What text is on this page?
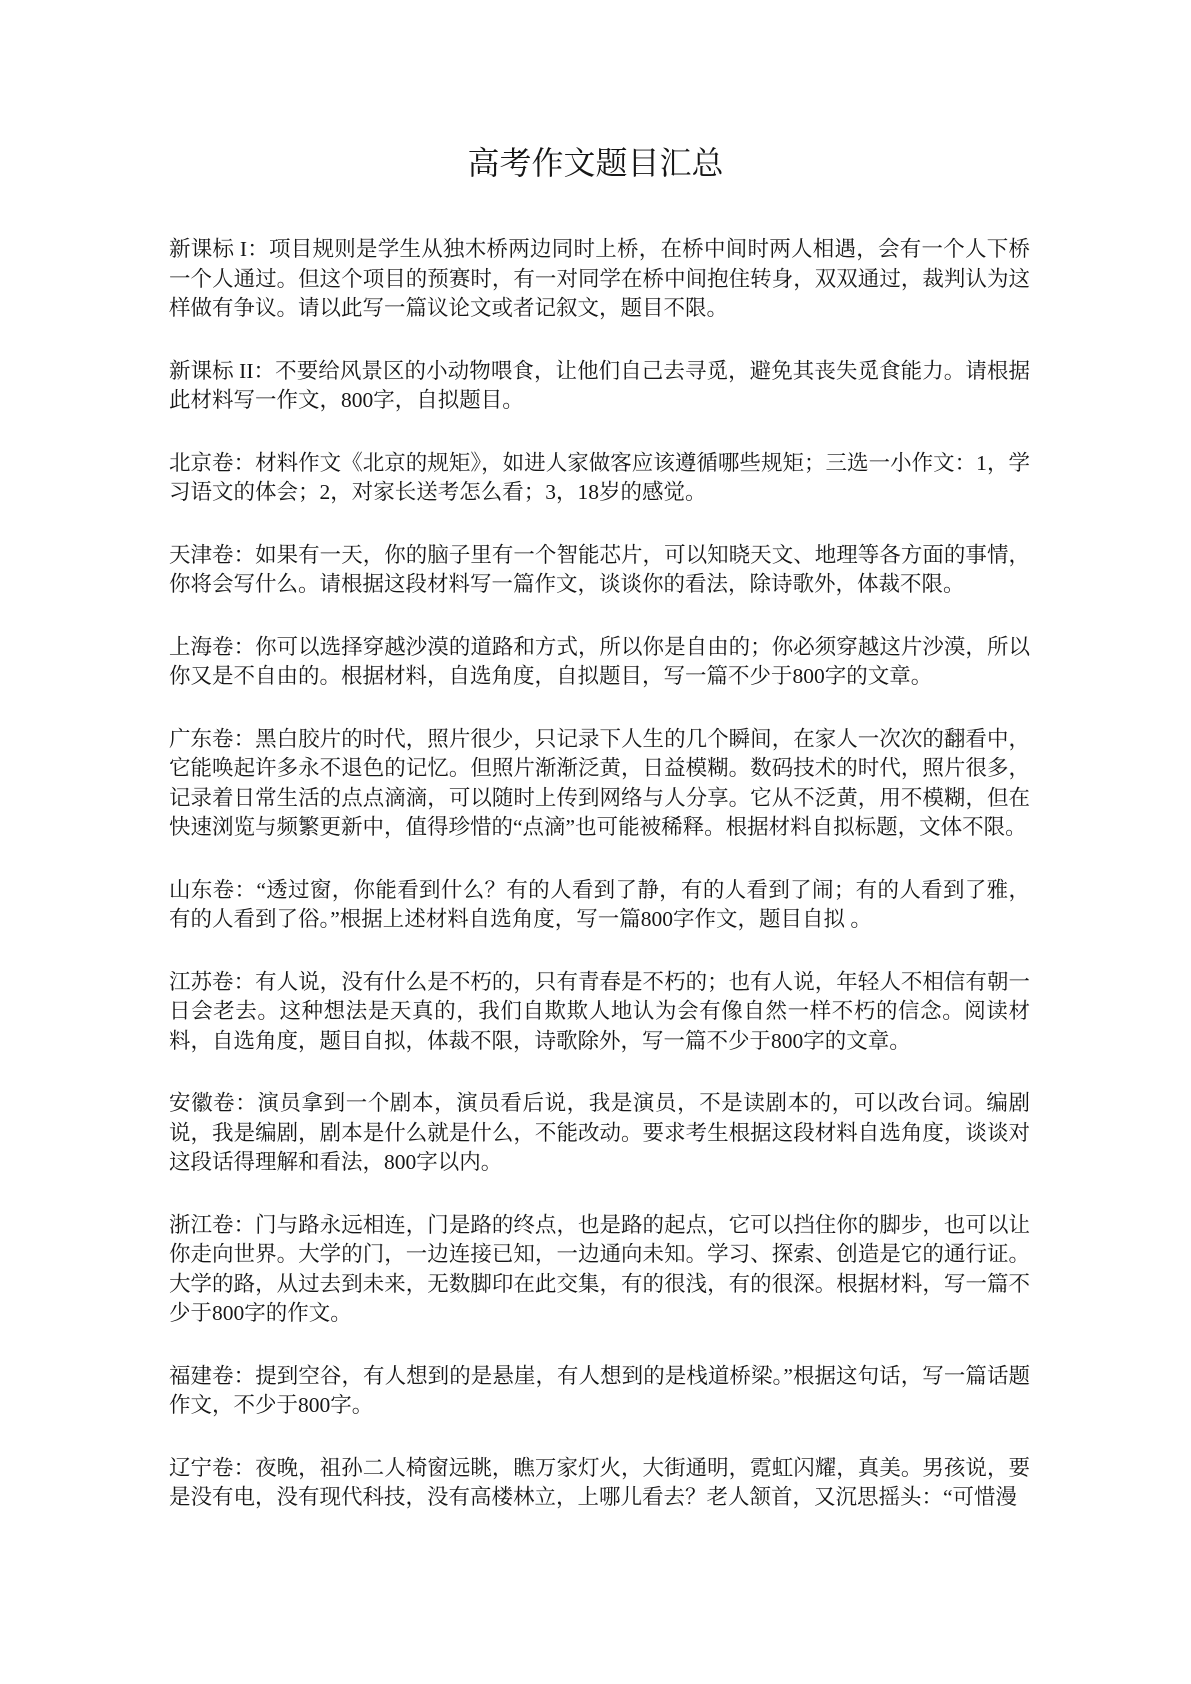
高考作文题目汇总

新课标 I：项目规则是学生从独木桥两边同时上桥，在桥中间时两人相遇，会有一个人下桥一个人通过。但这个项目的预赛时，有一对同学在桥中间抱住转身，双双通过，裁判认为这样做有争议。请以此写一篇议论文或者记叙文，题目不限。

新课标 II：不要给风景区的小动物喂食，让他们自己去寻觅，避免其丧失觅食能力。请根据此材料写一作文，800字，自拟题目。

北京卷：材料作文《北京的规矩》，如进人家做客应该遵循哪些规矩；三选一小作文：1，学习语文的体会；2，对家长送考怎么看；3，18岁的感觉。

天津卷：如果有一天，你的脑子里有一个智能芯片，可以知晓天文、地理等各方面的事情，你将会写什么。请根据这段材料写一篇作文，谈谈你的看法，除诗歌外，体裁不限。

上海卷：你可以选择穿越沙漠的道路和方式，所以你是自由的；你必须穿越这片沙漠，所以你又是不自由的。根据材料，自选角度，自拟题目，写一篇不少于800字的文章。

广东卷：黑白胶片的时代，照片很少，只记录下人生的几个瞬间，在家人一次次的翻看中，它能唤起许多永不退色的记忆。但照片渐渐泛黄，日益模糊。数码技术的时代，照片很多，记录着日常生活的点点滴滴，可以随时上传到网络与人分享。它从不泛黄，用不模糊，但在快速浏览与频繁更新中，值得珍惜的“点滴”也可能被稀释。根据材料自拟标题，文体不限。

山东卷：“透过窗，你能看到什么？有的人看到了静，有的人看到了闹；有的人看到了雅，有的人看到了俗。”根据上述材料自选角度，写一篇800字作文，题目自拟 。

江苏卷：有人说，没有什么是不朽的，只有青春是不朽的；也有人说，年轻人不相信有朝一日会老去。这种想法是天真的，我们自欺欺人地认为会有像自然一样不朽的信念。阅读材料，自选角度，题目自拟，体裁不限，诗歌除外，写一篇不少于800字的文章。

安徽卷：演员拿到一个剧本，演员看后说，我是演员，不是读剧本的，可以改台词。编剧说，我是编剧，剧本是什么就是什么，不能改动。要求考生根据这段材料自选角度，谈谈对这段话得理解和看法，800字以内。

浙江卷：门与路永远相连，门是路的终点，也是路的起点，它可以挡住你的脚步，也可以让你走向世界。大学的门，一边连接已知，一边通向未知。学习、探索、创造是它的通行证。大学的路，从过去到未来，无数脚印在此交集，有的很浅，有的很深。根据材料，写一篇不少于800字的作文。

福建卷：提到空谷，有人想到的是悬崖，有人想到的是栈道桥梁。”根据这句话，写一篇话题作文，不少于800字。

辽宁卷：夜晚，祖孙二人椅窗远眺，瞧万家灯火，大街通明，霓虹闪耀，真美。男孩说，要是没有电，没有现代科技，没有高楼林立，上哪儿看去？老人颔首，又沉思摇头：“可惜漫
